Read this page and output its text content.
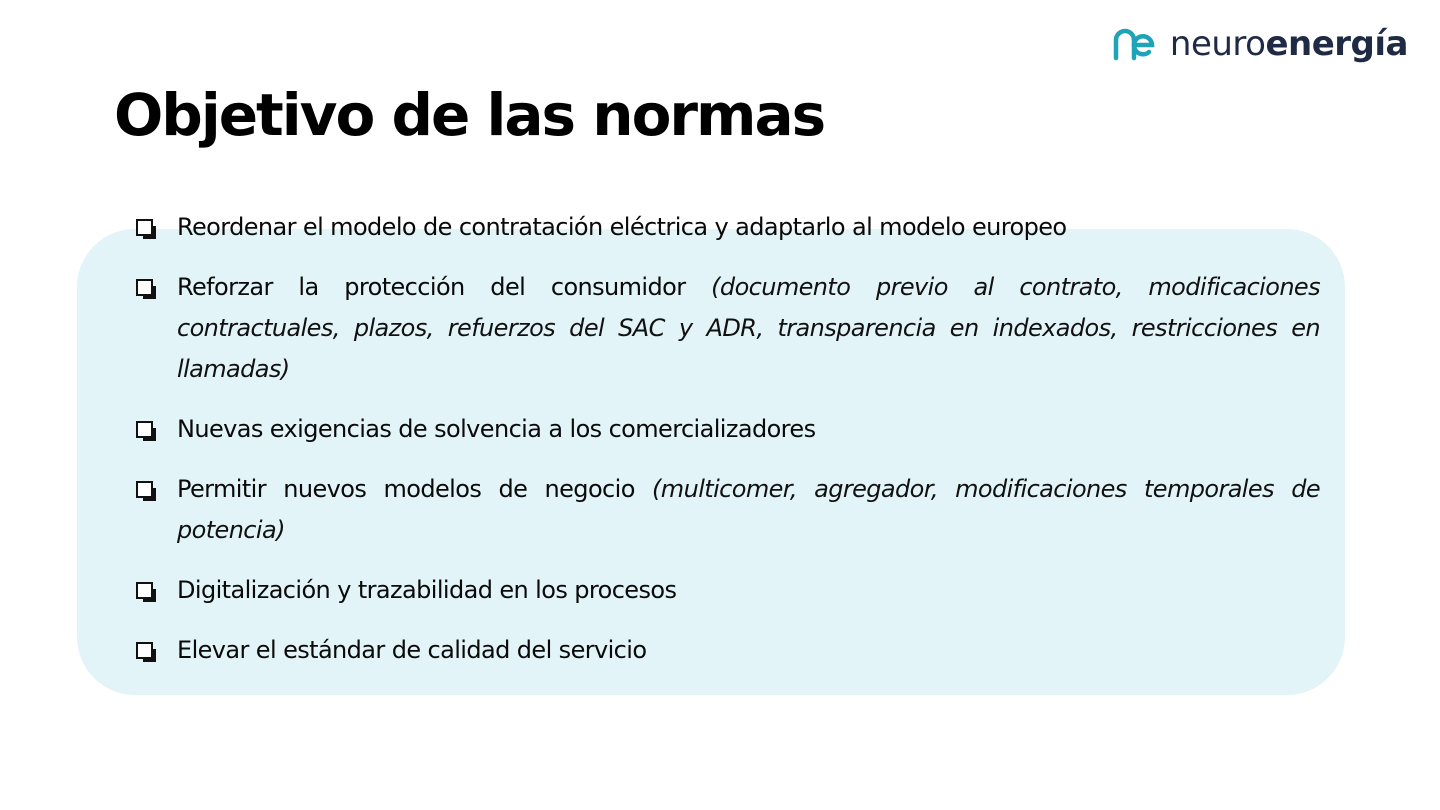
neuroenergía
Objetivo de las normas
Reordenar el modelo de contratación eléctrica y adaptarlo al modelo europeo
Reforzar la protección del consumidor (documento previo al contrato, modificaciones contractuales, plazos, refuerzos del SAC y ADR, transparencia en indexados, restricciones en llamadas)
Nuevas exigencias de solvencia a los comercializadores
Permitir nuevos modelos de negocio (multicomer, agregador, modificaciones temporales de potencia)
Digitalización y trazabilidad en los procesos
Elevar el estándar de calidad del servicio
